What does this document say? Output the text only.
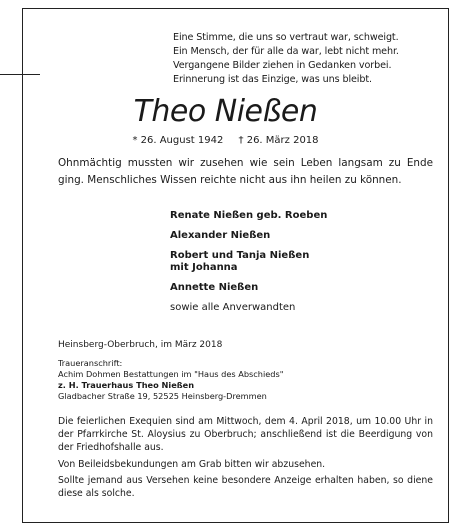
Eine Stimme, die uns so vertraut war, schweigt.
Ein Mensch, der für alle da war, lebt nicht mehr.
Vergangene Bilder ziehen in Gedanken vorbei.
Erinnerung ist das Einzige, was uns bleibt.
Theo Nießen
* 26. August 1942 † 26. März 2018
Ohnmächtig mussten wir zusehen wie sein Leben langsam zu Ende ging. Menschliches Wissen reichte nicht aus ihn heilen zu können.
Renate Nießen geb. Roeben
Alexander Nießen
Robert und Tanja Nießen
mit Johanna
Annette Nießen
sowie alle Anverwandten
Heinsberg-Oberbruch, im März 2018
Traueranschrift:
Achim Dohmen Bestattungen im "Haus des Abschieds"
z. H. Trauerhaus Theo Nießen
Gladbacher Straße 19, 52525 Heinsberg-Dremmen

Die feierlichen Exequien sind am Mittwoch, dem 4. April 2018, um 10.00 Uhr in der Pfarrkirche St. Aloysius zu Oberbruch; anschließend ist die Beerdigung von der Friedhofshalle aus.

Von Beileidsbekundungen am Grab bitten wir abzusehen.

Sollte jemand aus Versehen keine besondere Anzeige erhalten haben, so diene diese als solche.
